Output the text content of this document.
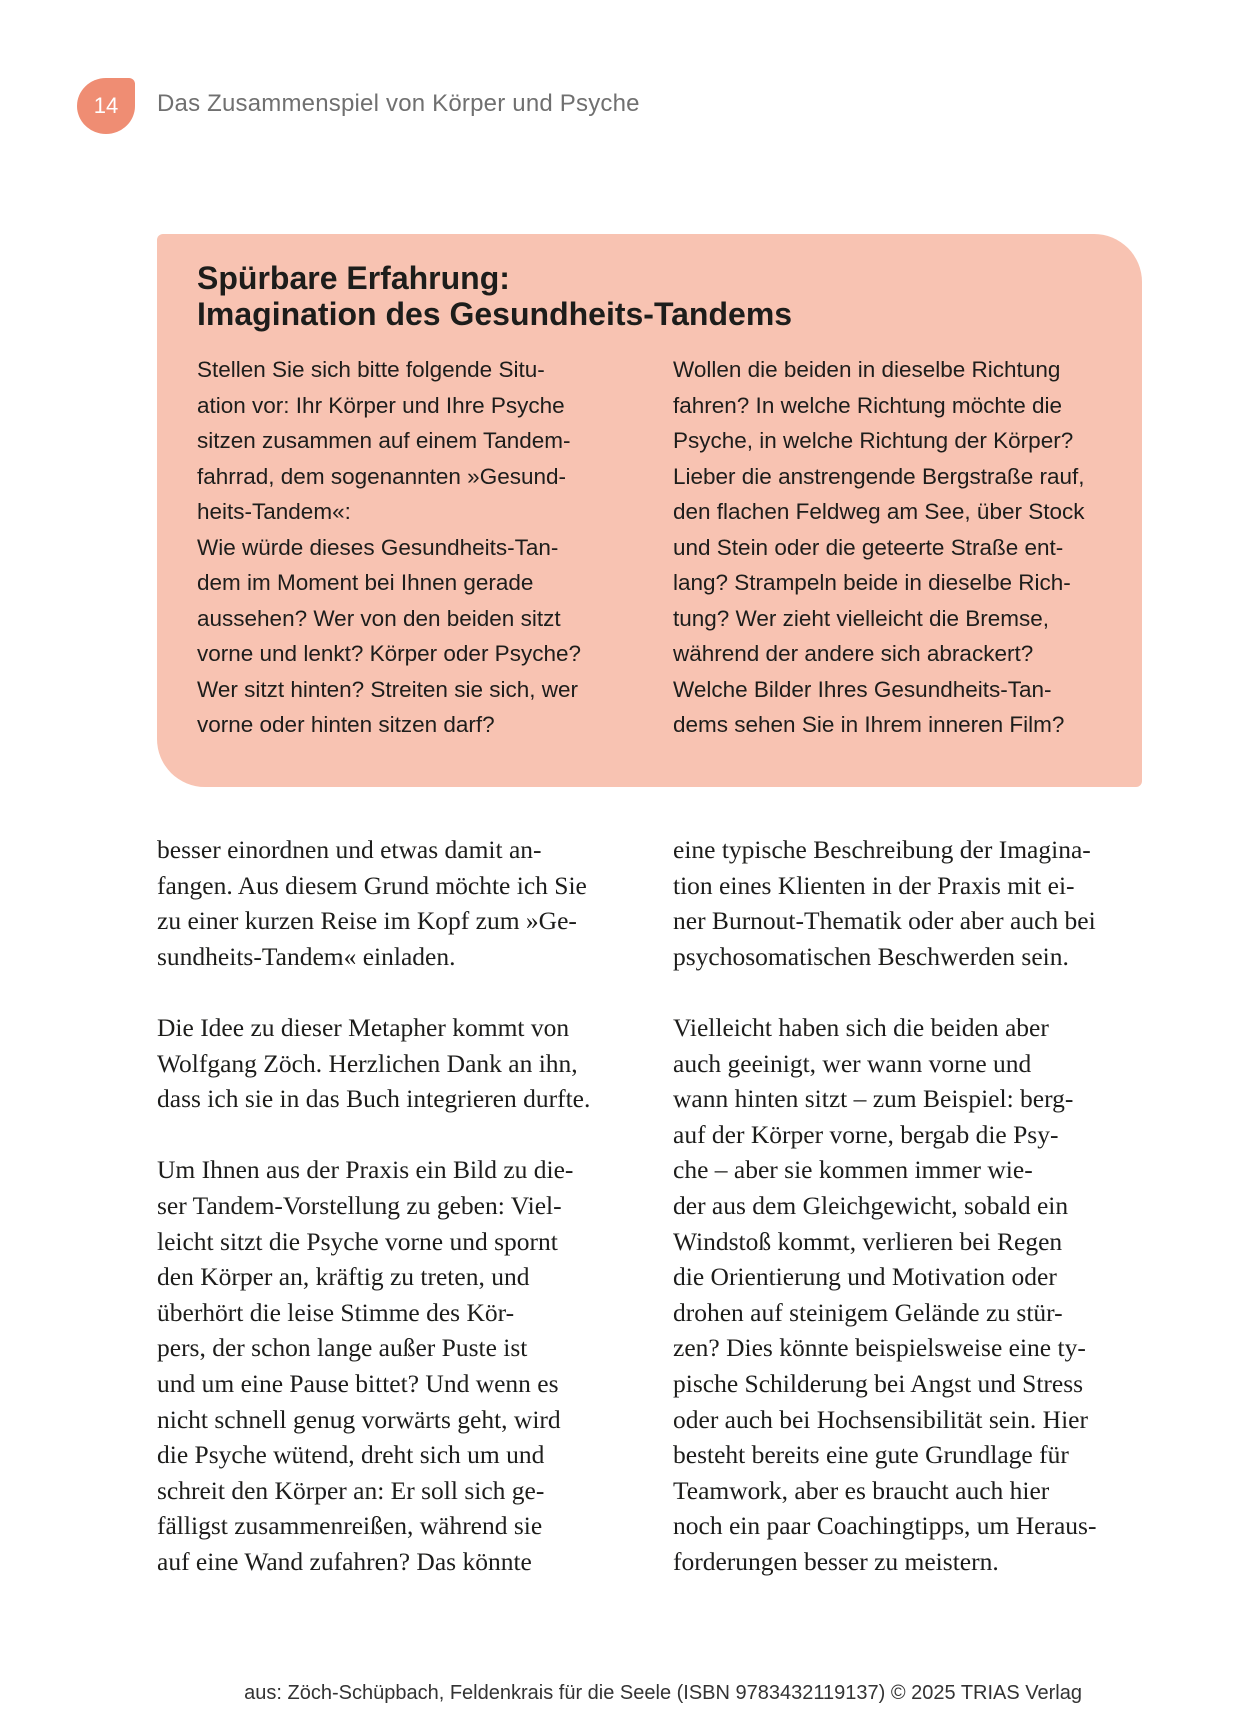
14	Das Zusammenspiel von Körper und Psyche
Spürbare Erfahrung:
Imagination des Gesundheits-Tandems
Stellen Sie sich bitte folgende Situ-
ation vor: Ihr Körper und Ihre Psyche
sitzen zusammen auf einem Tandem-
fahrrad, dem sogenannten »Gesund-
heits-Tandem«:
Wie würde dieses Gesundheits-Tan-
dem im Moment bei Ihnen gerade
aussehen? Wer von den beiden sitzt
vorne und lenkt? Körper oder Psyche?
Wer sitzt hinten? Streiten sie sich, wer
vorne oder hinten sitzen darf?
Wollen die beiden in dieselbe Richtung
fahren? In welche Richtung möchte die
Psyche, in welche Richtung der Körper?
Lieber die anstrengende Bergstraße rauf,
den flachen Feldweg am See, über Stock
und Stein oder die geteerte Straße ent-
lang? Strampeln beide in dieselbe Rich-
tung? Wer zieht vielleicht die Bremse,
während der andere sich abrackert?
Welche Bilder Ihres Gesundheits-Tan-
dems sehen Sie in Ihrem inneren Film?

besser einordnen und etwas damit an-
fangen. Aus diesem Grund möchte ich Sie
zu einer kurzen Reise im Kopf zum »Ge-
sundheits-Tandem« einladen.

Die Idee zu dieser Metapher kommt von
Wolfgang Zöch. Herzlichen Dank an ihn,
dass ich sie in das Buch integrieren durfte.

Um Ihnen aus der Praxis ein Bild zu die-
ser Tandem-Vorstellung zu geben: Viel-
leicht sitzt die Psyche vorne und spornt
den Körper an, kräftig zu treten, und
überhört die leise Stimme des Kör-
pers, der schon lange außer Puste ist
und um eine Pause bittet? Und wenn es
nicht schnell genug vorwärts geht, wird
die Psyche wütend, dreht sich um und
schreit den Körper an: Er soll sich ge-
fälligst zusammenreißen, während sie
auf eine Wand zufahren? Das könnte

eine typische Beschreibung der Imagina-
tion eines Klienten in der Praxis mit ei-
ner Burnout-Thematik oder aber auch bei
psychosomatischen Beschwerden sein.

Vielleicht haben sich die beiden aber
auch geeinigt, wer wann vorne und
wann hinten sitzt – zum Beispiel: berg-
auf der Körper vorne, bergab die Psy-
che – aber sie kommen immer wie-
der aus dem Gleichgewicht, sobald ein
Windstoß kommt, verlieren bei Regen
die Orientierung und Motivation oder
drohen auf steinigem Gelände zu stür-
zen? Dies könnte beispielsweise eine ty-
pische Schilderung bei Angst und Stress
oder auch bei Hochsensibilität sein. Hier
besteht bereits eine gute Grundlage für
Teamwork, aber es braucht auch hier
noch ein paar Coachingtipps, um Heraus-
forderungen besser zu meistern.

aus: Zöch-Schüpbach, Feldenkrais für die Seele (ISBN 9783432119137) © 2025 TRIAS Verlag
